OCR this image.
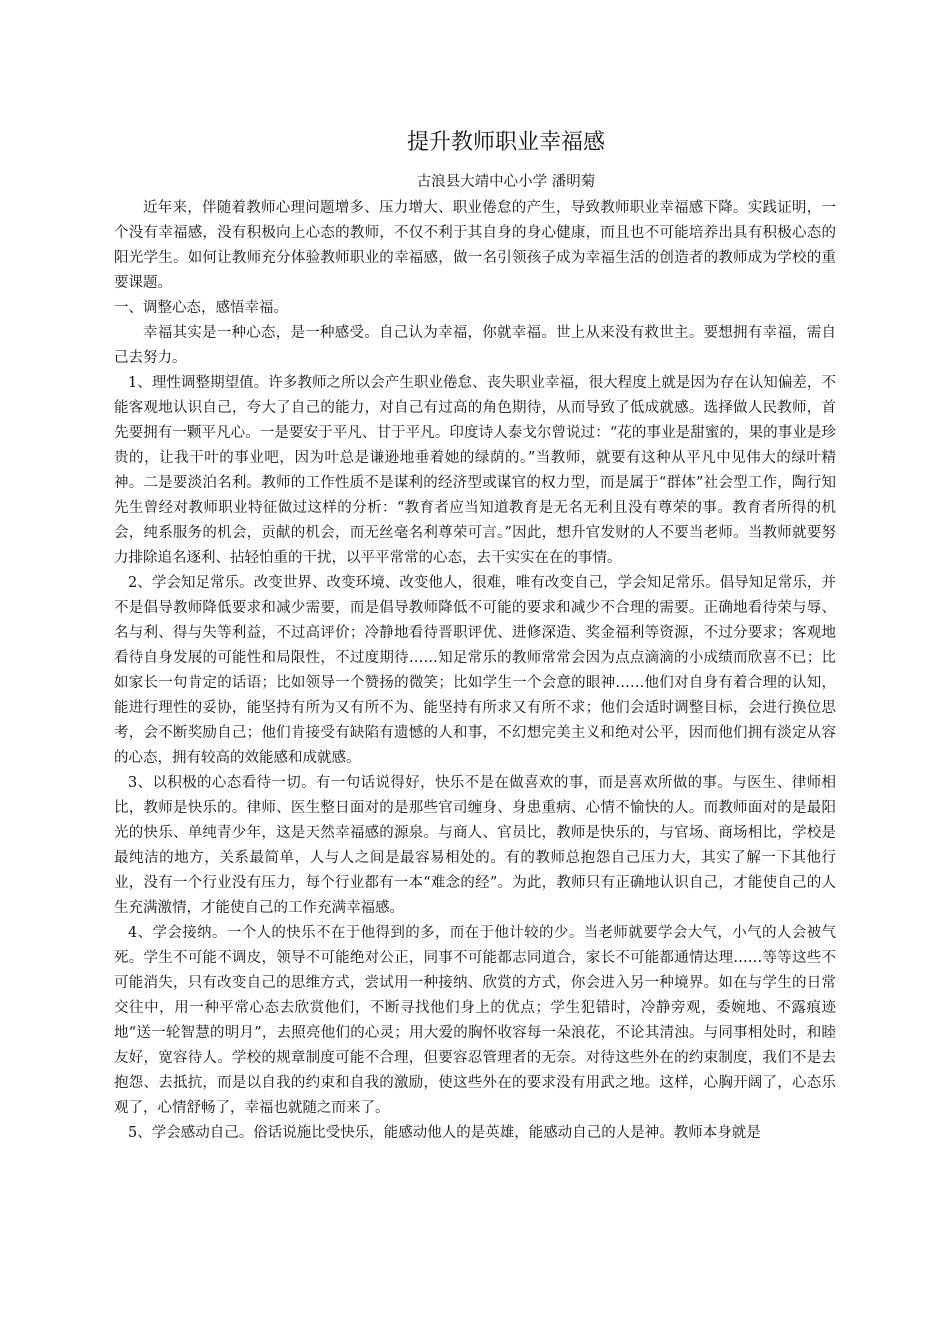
提升教师职业幸福感
古浪县大靖中心小学 潘明菊

近年来，伴随着教师心理问题增多、压力增大、职业倦怠的产生，导致教师职业幸福感下降。实践证明，一个没有幸福感，没有积极向上心态的教师，不仅不利于其自身的身心健康，而且也不可能培养出具有积极心态的阳光学生。如何让教师充分体验教师职业的幸福感，做一名引领孩子成为幸福生活的创造者的教师成为学校的重要课题。

一、调整心态，感悟幸福。

幸福其实是一种心态，是一种感受。自己认为幸福，你就幸福。世上从来没有救世主。要想拥有幸福，需自己去努力。

1、理性调整期望值。许多教师之所以会产生职业倦怠、丧失职业幸福，很大程度上就是因为存在认知偏差，不能客观地认识自己，夸大了自己的能力，对自己有过高的角色期待，从而导致了低成就感。选择做人民教师，首先要拥有一颗平凡心。一是要安于平凡、甘于平凡。印度诗人泰戈尔曾说过：“花的事业是甜蜜的，果的事业是珍贵的，让我干叶的事业吧，因为叶总是谦逊地垂着她的绿荫的。”当教师，就要有这种从平凡中见伟大的绿叶精神。二是要淡泊名利。教师的工作性质不是谋利的经济型或谋官的权力型，而是属于“群体”社会型工作，陶行知先生曾经对教师职业特征做过这样的分析：“教育者应当知道教育是无名无利且没有尊荣的事。教育者所得的机会，纯系服务的机会，贡献的机会，而无丝毫名利尊荣可言。”因此，想升官发财的人不要当老师。当教师就要努力排除追名逐利、拈轻怕重的干扰，以平平常常的心态，去干实实在在的事情。

2、学会知足常乐。改变世界、改变环境、改变他人，很难，唯有改变自己，学会知足常乐。倡导知足常乐，并不是倡导教师降低要求和减少需要，而是倡导教师降低不可能的要求和减少不合理的需要。正确地看待荣与辱、名与利、得与失等利益，不过高评价；冷静地看待晋职评优、进修深造、奖金福利等资源，不过分要求；客观地看待自身发展的可能性和局限性，不过度期待……知足常乐的教师常常会因为点点滴滴的小成绩而欣喜不已；比如家长一句肯定的话语；比如领导一个赞扬的微笑；比如学生一个会意的眼神……他们对自身有着合理的认知，能进行理性的妥协，能坚持有所为又有所不为、能坚持有所求又有所不求；他们会适时调整目标，会进行换位思考，会不断奖励自己；他们肯接受有缺陷有遗憾的人和事，不幻想完美主义和绝对公平，因而他们拥有淡定从容的心态，拥有较高的效能感和成就感。

3、以积极的心态看待一切。有一句话说得好，快乐不是在做喜欢的事，而是喜欢所做的事。与医生、律师相比，教师是快乐的。律师、医生整日面对的是那些官司缠身、身患重病、心情不愉快的人。而教师面对的是最阳光的快乐、单纯青少年，这是天然幸福感的源泉。与商人、官员比，教师是快乐的，与官场、商场相比，学校是最纯洁的地方，关系最简单，人与人之间是最容易相处的。有的教师总抱怨自己压力大，其实了解一下其他行业，没有一个行业没有压力，每个行业都有一本“难念的经”。为此，教师只有正确地认识自己，才能使自己的人生充满激情，才能使自己的工作充满幸福感。

4、学会接纳。一个人的快乐不在于他得到的多，而在于他计较的少。当老师就要学会大气，小气的人会被气死。学生不可能不调皮，领导不可能绝对公正，同事不可能都志同道合，家长不可能都通情达理……等等这些不可能消失，只有改变自己的思维方式，尝试用一种接纳、欣赏的方式，你会进入另一种境界。如在与学生的日常交往中，用一种平常心态去欣赏他们，不断寻找他们身上的优点；学生犯错时，冷静旁观，委婉地、不露痕迹地“送一轮智慧的明月”，去照亮他们的心灵；用大爱的胸怀收容每一朵浪花，不论其清浊。与同事相处时，和睦友好，宽容待人。学校的规章制度可能不合理，但要容忍管理者的无奈。对待这些外在的约束制度，我们不是去抱怨、去抵抗，而是以自我的约束和自我的激励，使这些外在的要求没有用武之地。这样，心胸开阔了，心态乐观了，心情舒畅了，幸福也就随之而来了。

5、学会感动自己。俗话说施比受快乐，能感动他人的是英雄，能感动自己的人是神。教师本身就是
